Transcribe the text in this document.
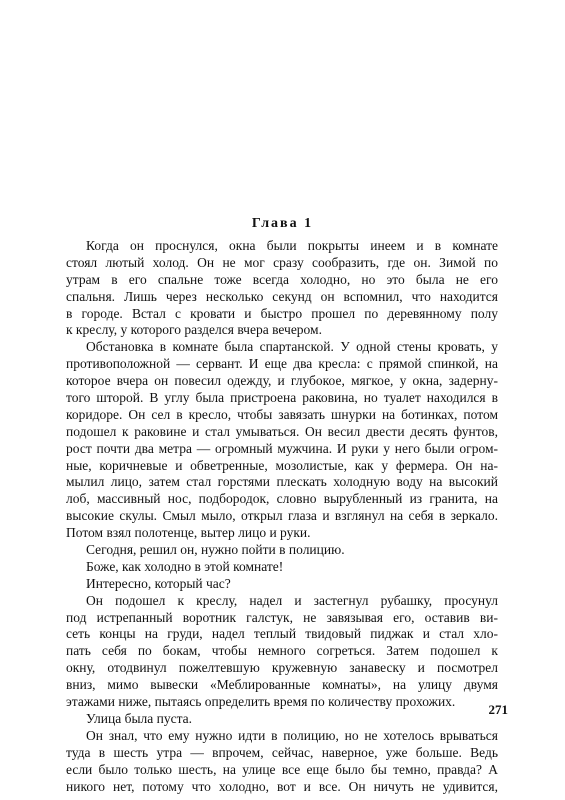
Глава 1
Когда он проснулся, окна были покрыты инеем и в комнате
стоял лютый холод. Он не мог сразу сообразить, где он. Зимой по
утрам в его спальне тоже всегда холодно, но это была не его
спальня. Лишь через несколько секунд он вспомнил, что находится
в городе. Встал с кровати и быстро прошел по деревянному полу
к креслу, у которого разделся вчера вечером.
Обстановка в комнате была спартанской. У одной стены кровать, у
противоположной — сервант. И еще два кресла: с прямой спинкой, на
которое вчера он повесил одежду, и глубокое, мягкое, у окна, задерну-
того шторой. В углу была пристроена раковина, но туалет находился в
коридоре. Он сел в кресло, чтобы завязать шнурки на ботинках, потом
подошел к раковине и стал умываться. Он весил двести десять фунтов,
рост почти два метра — огромный мужчина. И руки у него были огром-
ные, коричневые и обветренные, мозолистые, как у фермера. Он на-
мылил лицо, затем стал горстями плескать холодную воду на высокий
лоб, массивный нос, подбородок, словно вырубленный из гранита, на
высокие скулы. Смыл мыло, открыл глаза и взглянул на себя в зеркало.
Потом взял полотенце, вытер лицо и руки.
Сегодня, решил он, нужно пойти в полицию.
Боже, как холодно в этой комнате!
Интересно, который час?
Он подошел к креслу, надел и застегнул рубашку, просунул
под истрепанный воротник галстук, не завязывая его, оставив ви-
сеть концы на груди, надел теплый твидовый пиджак и стал хло-
пать себя по бокам, чтобы немного согреться. Затем подошел к
окну, отодвинул пожелтевшую кружевную занавеску и посмотрел
вниз, мимо вывески «Меблированные комнаты», на улицу двумя
этажами ниже, пытаясь определить время по количеству прохожих.
Улица была пуста.
Он знал, что ему нужно идти в полицию, но не хотелось врываться
туда в шесть утра — впрочем, сейчас, наверное, уже больше. Ведь
если было только шесть, на улице все еще было бы темно, правда? А
никого нет, потому что холодно, вот и все. Он ничуть не удивится,
271
